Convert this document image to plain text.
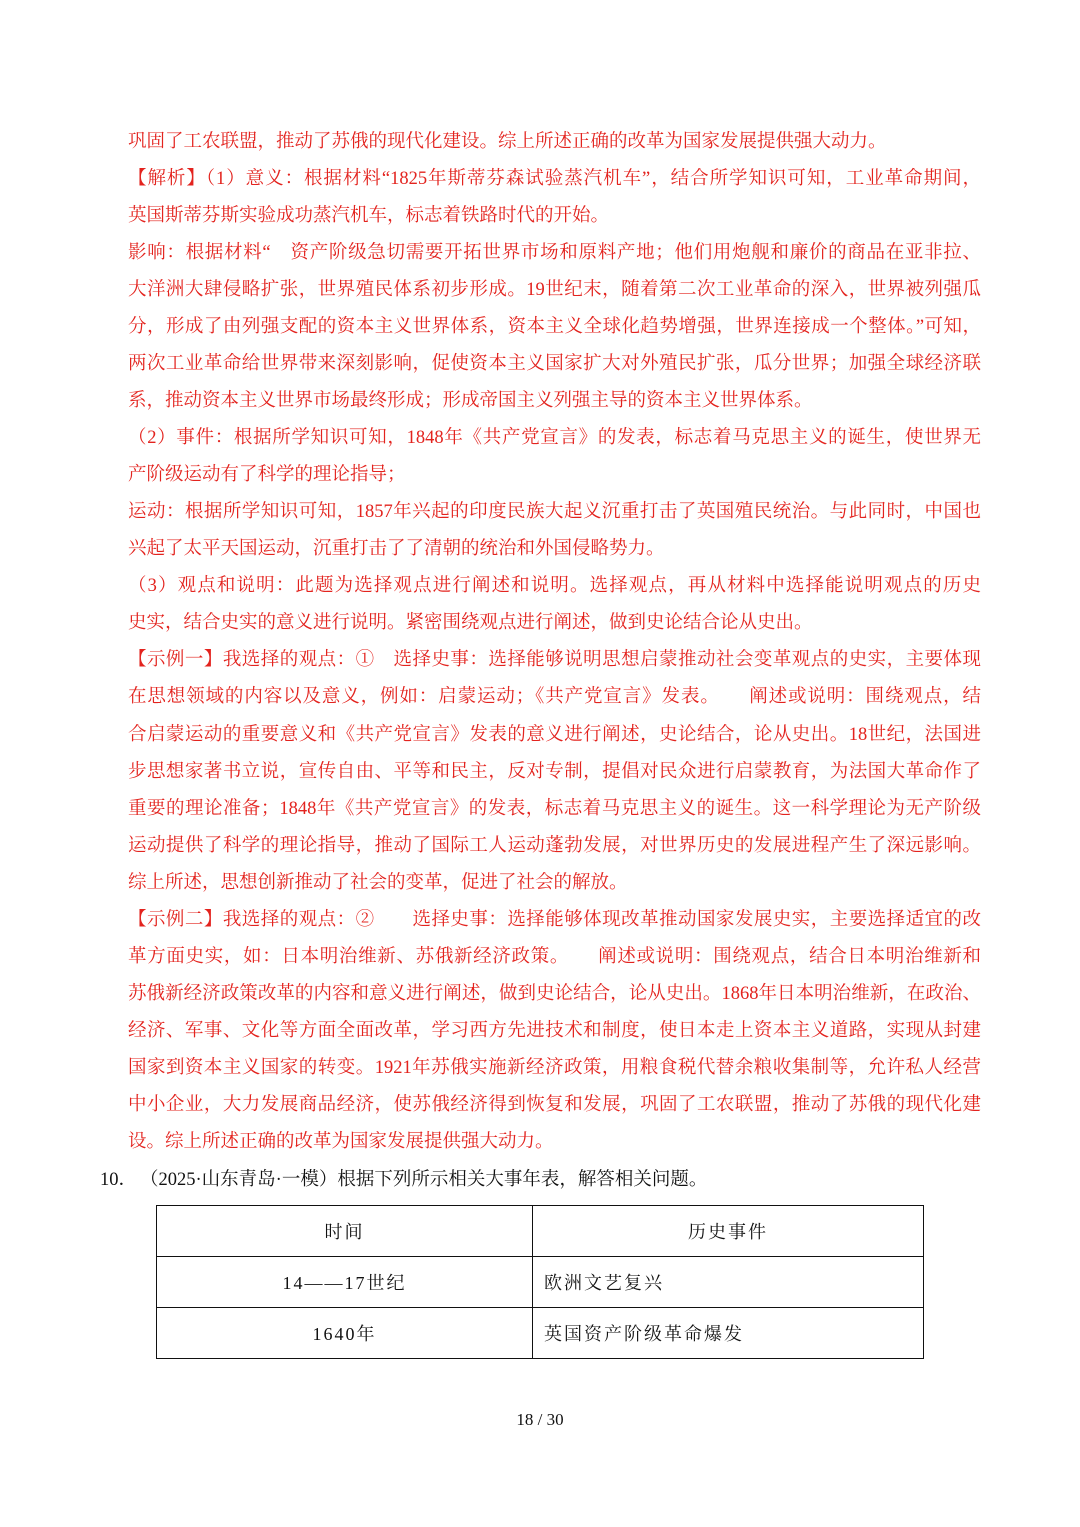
巩固了工农联盟，推动了苏俄的现代化建设。综上所述正确的改革为国家发展提供强大动力。
【解析】（1）意义：根据材料“1825年斯蒂芬森试验蒸汽机车”，结合所学知识可知，工业革命期间，
英国斯蒂芬斯实验成功蒸汽机车，标志着铁路时代的开始。
影响：根据材料“　资产阶级急切需要开拓世界市场和原料产地；他们用炮舰和廉价的商品在亚非拉、
大洋洲大肆侵略扩张，世界殖民体系初步形成。19世纪末，随着第二次工业革命的深入，世界被列强瓜
分，形成了由列强支配的资本主义世界体系，资本主义全球化趋势增强，世界连接成一个整体。”可知，
两次工业革命给世界带来深刻影响，促使资本主义国家扩大对外殖民扩张，瓜分世界；加强全球经济联
系，推动资本主义世界市场最终形成；形成帝国主义列强主导的资本主义世界体系。
（2）事件：根据所学知识可知，1848年《共产党宣言》的发表，标志着马克思主义的诞生，使世界无
产阶级运动有了科学的理论指导；
运动：根据所学知识可知，1857年兴起的印度民族大起义沉重打击了英国殖民统治。与此同时，中国也
兴起了太平天国运动，沉重打击了了清朝的统治和外国侵略势力。
（3）观点和说明：此题为选择观点进行阐述和说明。选择观点，再从材料中选择能说明观点的历史
史实，结合史实的意义进行说明。紧密围绕观点进行阐述，做到史论结合论从史出。
【示例一】我选择的观点：①　选择史事：选择能够说明思想启蒙推动社会变革观点的史实，主要体现
在思想领域的内容以及意义，例如：启蒙运动；《共产党宣言》发表。　　阐述或说明：围绕观点，结
合启蒙运动的重要意义和《共产党宣言》发表的意义进行阐述，史论结合，论从史出。18世纪，法国进
步思想家著书立说，宣传自由、平等和民主，反对专制，提倡对民众进行启蒙教育，为法国大革命作了
重要的理论准备；1848年《共产党宣言》的发表，标志着马克思主义的诞生。这一科学理论为无产阶级
运动提供了科学的理论指导，推动了国际工人运动蓬勃发展，对世界历史的发展进程产生了深远影响。
综上所述，思想创新推动了社会的变革，促进了社会的解放。
【示例二】我选择的观点：②　　选择史事：选择能够体现改革推动国家发展史实，主要选择适宜的改
革方面史实，如：日本明治维新、苏俄新经济政策。　　阐述或说明：围绕观点，结合日本明治维新和
苏俄新经济政策改革的内容和意义进行阐述，做到史论结合，论从史出。1868年日本明治维新，在政治、
经济、军事、文化等方面全面改革，学习西方先进技术和制度，使日本走上资本主义道路，实现从封建
国家到资本主义国家的转变。1921年苏俄实施新经济政策，用粮食税代替余粮收集制等，允许私人经营
中小企业，大力发展商品经济，使苏俄经济得到恢复和发展，巩固了工农联盟，推动了苏俄的现代化建
设。综上所述正确的改革为国家发展提供强大动力。
10． （2025·山东青岛·一模）根据下列所示相关大事年表，解答相关问题。
时间	历史事件
14——17世纪	欧洲文艺复兴
1640年	英国资产阶级革命爆发
18 / 30
